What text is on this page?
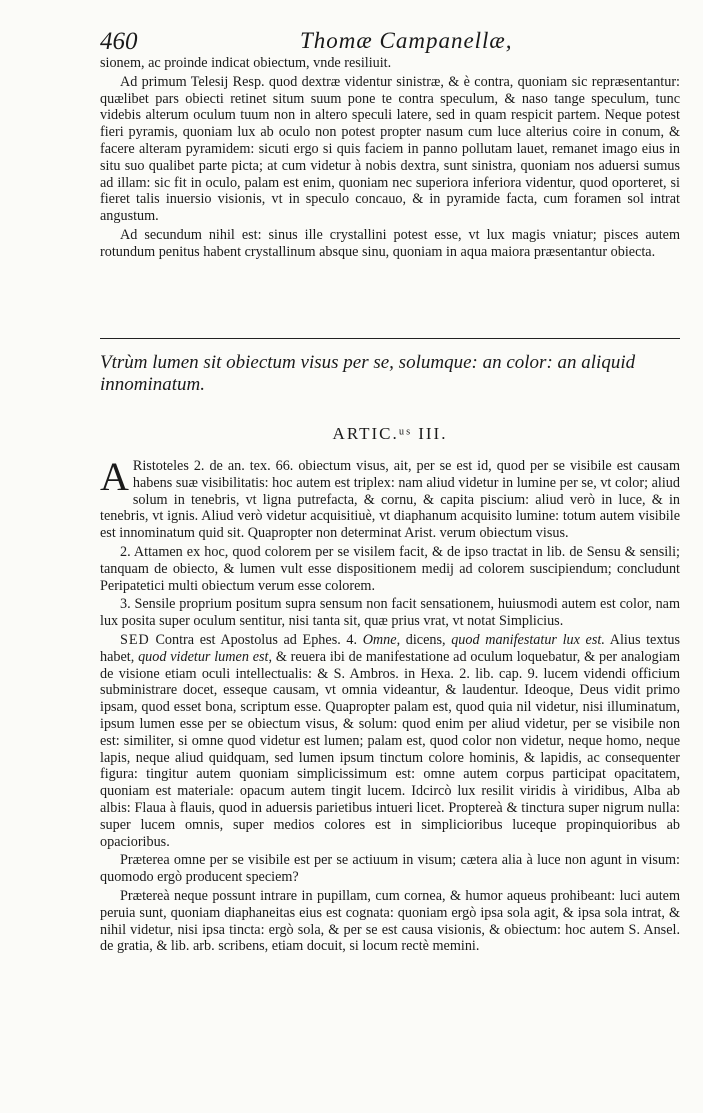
460	Thomæ Campanellæ,

sionem, ac proinde indicat obiectum, vnde resiliuit.

Ad primum Telesij Resp. quod dextræ videntur sinistræ, & è contra, quoniam sic repræsentantur: quælibet pars obiecti retinet situm suum pone te contra speculum, & naso tange speculum, tunc videbis alterum oculum tuum non in altero speculi latere, sed in quam respicit partem. Neque potest fieri pyramis, quoniam lux ab oculo non potest propter nasum cum luce alterius coire in conum, & facere alteram pyramidem: sicuti ergo si quis faciem in panno pollutam lauet, remanet imago eius in situ suo qualibet parte picta; at cum videtur à nobis dextra, sunt sinistra, quoniam nos aduersi sumus ad illam: sic fit in oculo, palam est enim, quoniam nec superiora inferiora videntur, quod oporteret, si fieret talis inuersio visionis, vt in speculo concauo, & in pyramide facta, cum foramen sol intrat angustum.

Ad secundum nihil est: sinus ille crystallini potest esse, vt lux magis vniatur; pisces autem rotundum penitus habent crystallinum absque sinu, quoniam in aqua maiora præsentantur obiecta.

Vtrùm lumen sit obiectum visus per se, solumque: an color: an aliquid innominatum.
ARTIC.ᵘˢ III.

A Ristoteles 2. de an. tex. 66. obiectum visus, ait, per se est id, quod per se visibile est causam habens suæ visibilitatis: hoc autem est triplex: nam aliud videtur in lumine per se, vt color; aliud solum in tenebris, vt ligna putrefacta, & cornu, & capita piscium: aliud verò in luce, & in tenebris, vt ignis. Aliud verò videtur acquisitiuè, vt diaphanum acquisito lumine: totum autem visibile est innominatum quid sit. Quapropter non determinat Arist. verum obiectum visus.

2. Attamen ex hoc, quod colorem per se visilem facit, & de ipso tractat in lib. de Sensu & sensili; tanquam de obiecto, & lumen vult esse dispositionem medij ad colorem suscipiendum; concludunt Peripatetici multi obiectum verum esse colorem.

3. Sensile proprium positum supra sensum non facit sensationem, huiusmodi autem est color, nam lux posita super oculum sentitur, nisi tanta sit, quæ prius vrat, vt notat Simplicius.

SED Contra est Apostolus ad Ephes. 4. Omne, dicens, quod manifestatur lux est. Alius textus habet, quod videtur lumen est, & reuera ibi de manifestatione ad oculum loquebatur, & per analogiam de visione etiam oculi intellectualis: & S. Ambros. in Hexa. 2. lib. cap. 9. lucem videndi officium subministrare docet, esseque causam, vt omnia videantur, & laudentur. Ideoque, Deus vidit primo ipsam, quod esset bona, scriptum esse. Quapropter palam est, quod quia nil videtur, nisi illuminatum, ipsum lumen esse per se obiectum visus, & solum: quod enim per aliud videtur, per se visibile non est: similiter, si omne quod videtur est lumen; palam est, quod color non videtur, neque homo, neque lapis, neque aliud quidquam, sed lumen ipsum tinctum colore hominis, & lapidis, ac consequenter figura: tingitur autem quoniam simplicissimum est: omne autem corpus participat opacitatem, quoniam est materiale: opacum autem tingit lucem. Idcircò lux resilit viridis à viridibus, Alba ab albis: Flaua à flauis, quod in aduersis parietibus intueri licet. Proptereà & tinctura super nigrum nulla: super lucem omnis, super medios colores est in simplicioribus luceque propinquioribus ab opacioribus.

Præterea omne per se visibile est per se actiuum in visum; cætera alia à luce non agunt in visum: quomodo ergò producent speciem?

Prætereà neque possunt intrare in pupillam, cum cornea, & humor aqueus prohibeant: luci autem peruia sunt, quoniam diaphaneitas eius est cognata: quoniam ergò ipsa sola agit, & ipsa sola intrat, & nihil videtur, nisi ipsa tincta: ergò sola, & per se est causa visionis, & obiectum: hoc autem S. Ansel. de gratia, & lib. arb. scribens, etiam docuit, si locum rectè memini.
